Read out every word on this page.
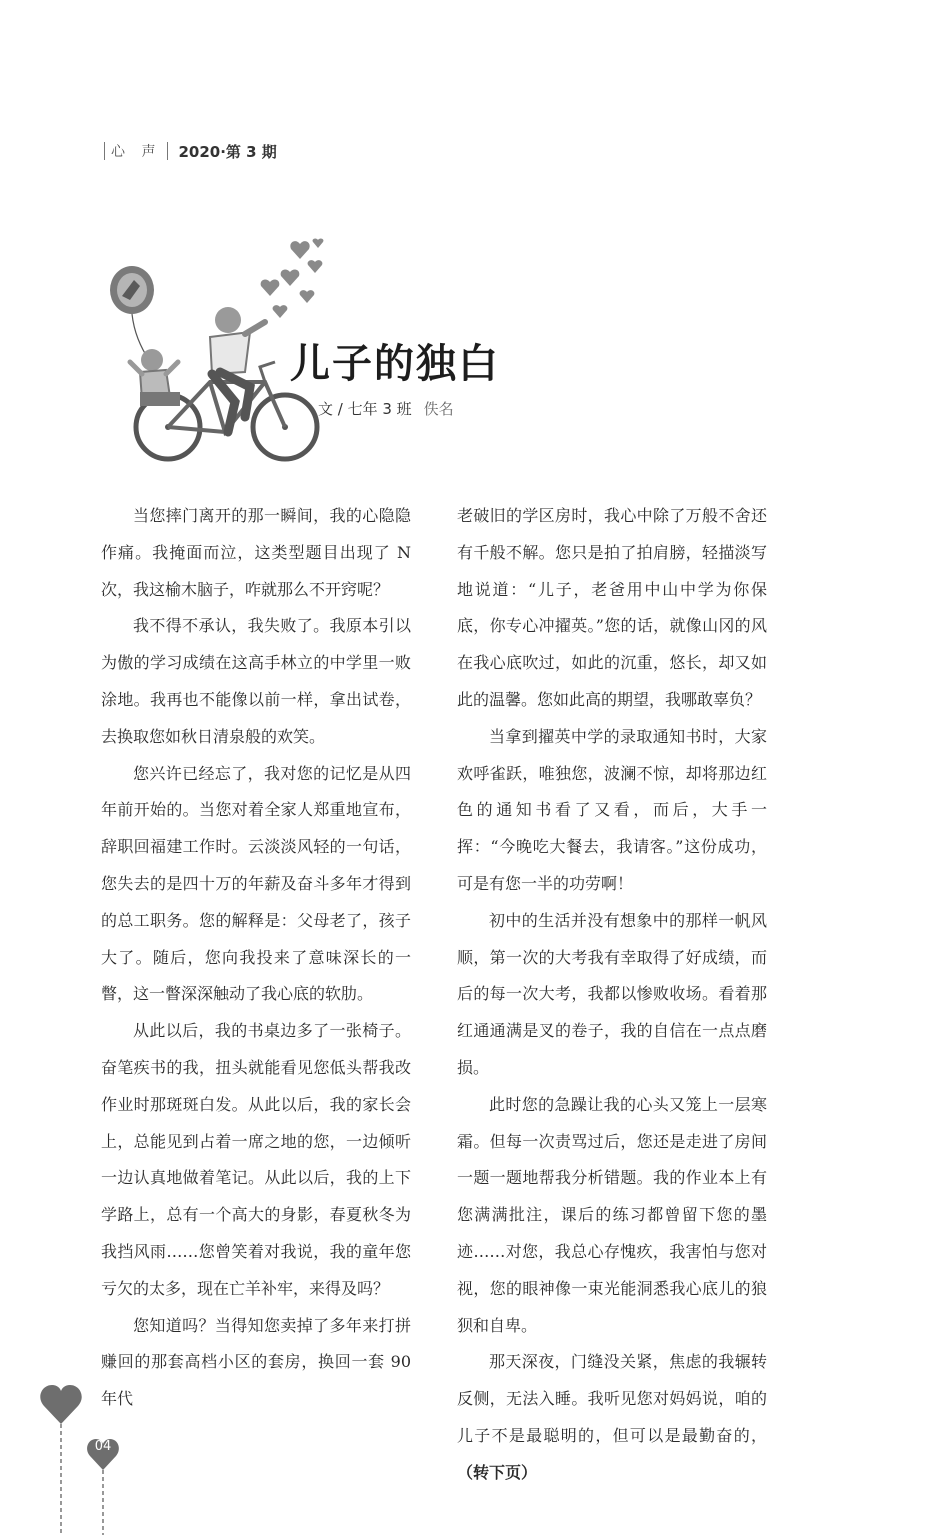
心 声 2020·第 3 期
儿子的独白
文 / 七年 3 班 佚名

当您摔门离开的那一瞬间，我的心隐隐作痛。我掩面而泣，这类型题目出现了 N 次，我这榆木脑子，咋就那么不开窍呢？

我不得不承认，我失败了。我原本引以为傲的学习成绩在这高手林立的中学里一败涂地。我再也不能像以前一样，拿出试卷，去换取您如秋日清泉般的欢笑。

您兴许已经忘了，我对您的记忆是从四年前开始的。当您对着全家人郑重地宣布，辞职回福建工作时。云淡淡风轻的一句话，您失去的是四十万的年薪及奋斗多年才得到的总工职务。您的解释是：父母老了，孩子大了。随后，您向我投来了意味深长的一瞥，这一瞥深深触动了我心底的软肋。

从此以后，我的书桌边多了一张椅子。奋笔疾书的我，扭头就能看见您低头帮我改作业时那斑斑白发。从此以后，我的家长会上，总能见到占着一席之地的您，一边倾听一边认真地做着笔记。从此以后，我的上下学路上，总有一个高大的身影，春夏秋冬为我挡风雨……您曾笑着对我说，我的童年您亏欠的太多，现在亡羊补牢，来得及吗？

您知道吗？当得知您卖掉了多年来打拼赚回的那套高档小区的套房，换回一套 90 年代

老破旧的学区房时，我心中除了万般不舍还有千般不解。您只是拍了拍肩膀，轻描淡写地说道：“儿子，老爸用中山中学为你保底，你专心冲擢英。”您的话，就像山冈的风在我心底吹过，如此的沉重，悠长，却又如此的温馨。您如此高的期望，我哪敢辜负？

当拿到擢英中学的录取通知书时，大家欢呼雀跃，唯独您，波澜不惊，却将那边红色的通知书看了又看，而后，大手一挥：“今晚吃大餐去，我请客。”这份成功，可是有您一半的功劳啊！

初中的生活并没有想象中的那样一帆风顺，第一次的大考我有幸取得了好成绩，而后的每一次大考，我都以惨败收场。看着那红通通满是叉的卷子，我的自信在一点点磨损。

此时您的急躁让我的心头又笼上一层寒霜。但每一次责骂过后，您还是走进了房间一题一题地帮我分析错题。我的作业本上有您满满批注，课后的练习都曾留下您的墨迹……对您，我总心存愧疚，我害怕与您对视，您的眼神像一束光能洞悉我心底儿的狼狈和自卑。

那天深夜，门缝没关紧，焦虑的我辗转反侧，无法入睡。我听见您对妈妈说，咱的儿子不是最聪明的，但可以是最勤奋的，（转下页）

04
